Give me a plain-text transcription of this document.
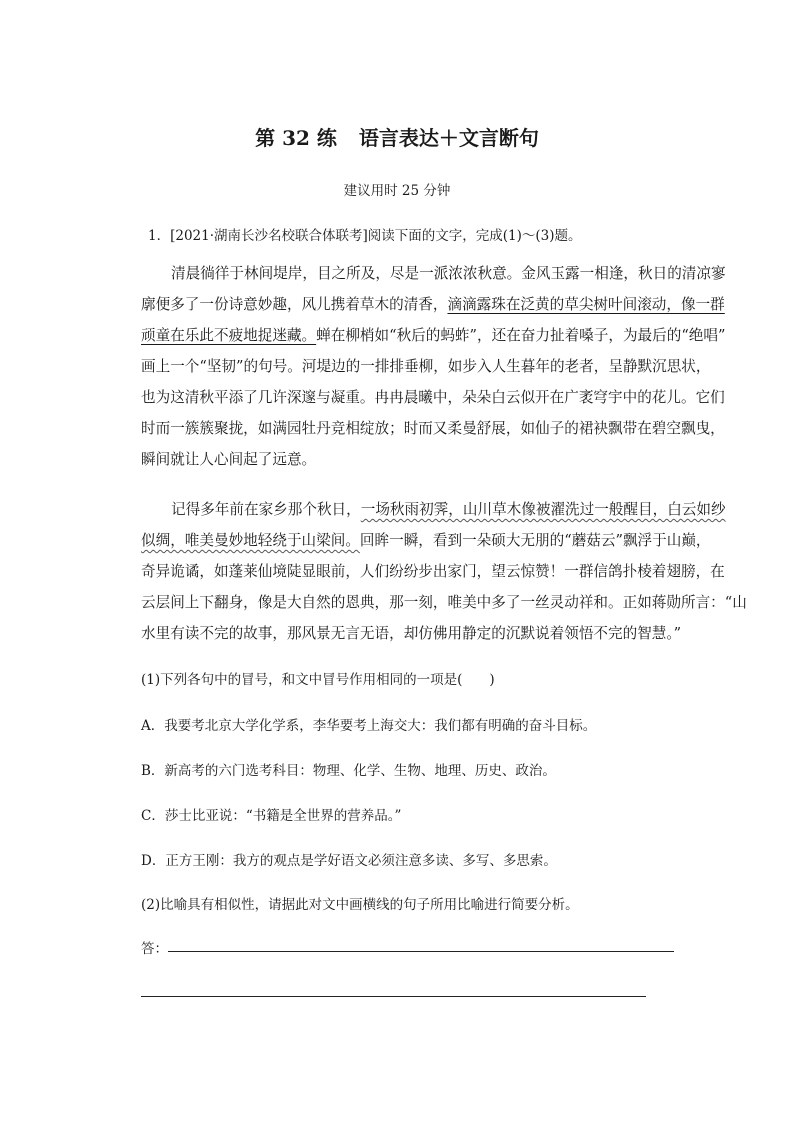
第 32 练 语言表达＋文言断句
建议用时 25 分钟
1．[2021·湖南长沙名校联合体联考]阅读下面的文字，完成(1)～(3)题。
清晨徜徉于林间堤岸，目之所及，尽是一派浓浓秋意。金风玉露一相逢，秋日的清凉寥
廓便多了一份诗意妙趣，风儿携着草木的清香，滴滴露珠在泛黄的草尖树叶间滚动，像一群
顽童在乐此不疲地捉迷藏。蝉在柳梢如“秋后的蚂蚱”，还在奋力扯着嗓子，为最后的“绝唱”
画上一个“坚韧”的句号。河堤边的一排排垂柳，如步入人生暮年的老者，呈静默沉思状，
也为这清秋平添了几许深邃与凝重。冉冉晨曦中，朵朵白云似开在广袤穹宇中的花儿。它们
时而一簇簇聚拢，如满园牡丹竞相绽放；时而又柔曼舒展，如仙子的裙袂飘带在碧空飘曳，
瞬间就让人心间起了远意。
记得多年前在家乡那个秋日，一场秋雨初霁，山川草木像被濯洗过一般醒目，白云如纱
似绸，唯美曼妙地轻绕于山梁间。回眸一瞬，看到一朵硕大无朋的“蘑菇云”飘浮于山巅，
奇异诡谲，如蓬莱仙境陡显眼前，人们纷纷步出家门，望云惊赞！一群信鸽扑棱着翅膀，在
云层间上下翻身，像是大自然的恩典，那一刻，唯美中多了一丝灵动祥和。正如蒋勋所言：“山
水里有读不完的故事，那风景无言无语，却仿佛用静定的沉默说着领悟不完的智慧。”
(1)下列各句中的冒号，和文中冒号作用相同的一项是(　　)
A．我要考北京大学化学系，李华要考上海交大：我们都有明确的奋斗目标。
B．新高考的六门选考科目：物理、化学、生物、地理、历史、政治。
C．莎士比亚说：“书籍是全世界的营养品。”
D．正方王刚：我方的观点是学好语文必须注意多读、多写、多思索。
(2)比喻具有相似性，请据此对文中画横线的句子所用比喻进行简要分析。
答：
